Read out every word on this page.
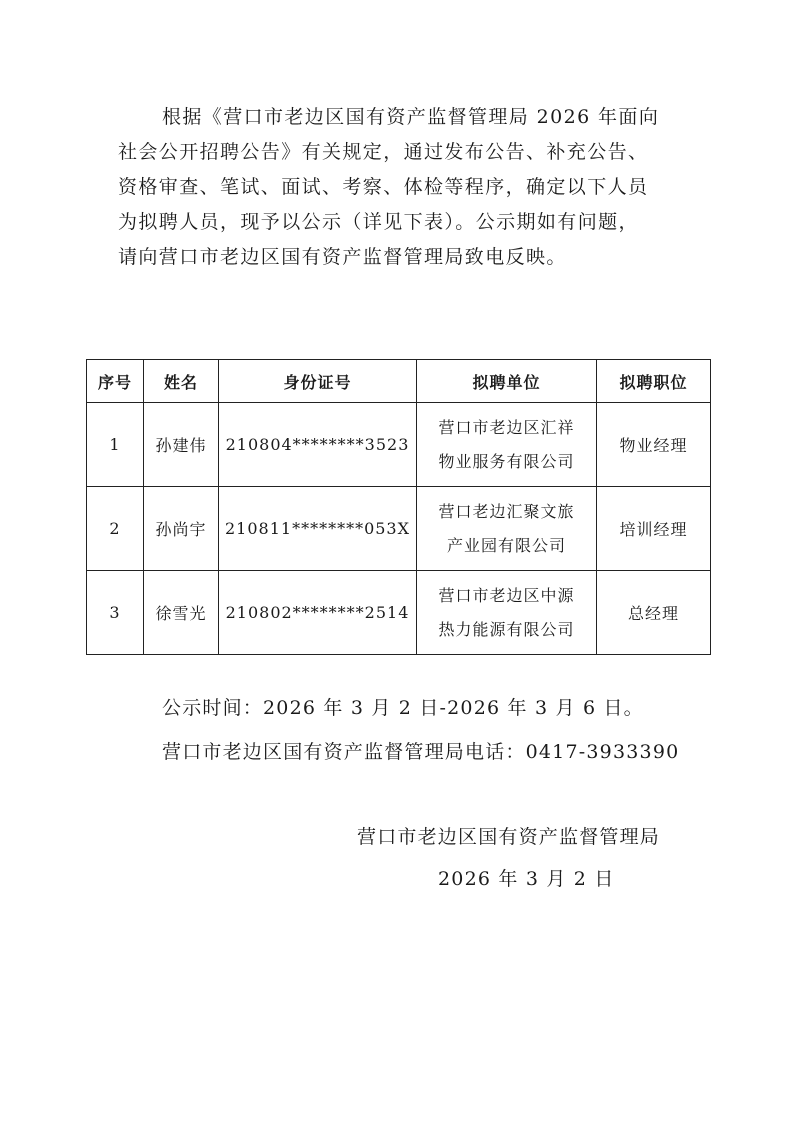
根据《营口市老边区国有资产监督管理局 2026 年面向
社会公开招聘公告》有关规定，通过发布公告、补充公告、
资格审查、笔试、面试、考察、体检等程序，确定以下人员
为拟聘人员，现予以公示（详见下表）。公示期如有问题，
请向营口市老边区国有资产监督管理局致电反映。
序号	姓名	身份证号	拟聘单位	拟聘职位
1	孙建伟	210804********3523	营口市老边区汇祥
物业服务有限公司	物业经理
2	孙尚宇	210811********053X	营口老边汇聚文旅
产业园有限公司	培训经理
3	徐雪光	210802********2514	营口市老边区中源
热力能源有限公司	总经理
公示时间：2026 年 3 月 2 日-2026 年 3 月 6 日。
营口市老边区国有资产监督管理局电话：0417-3933390
营口市老边区国有资产监督管理局
2026 年 3 月 2 日
